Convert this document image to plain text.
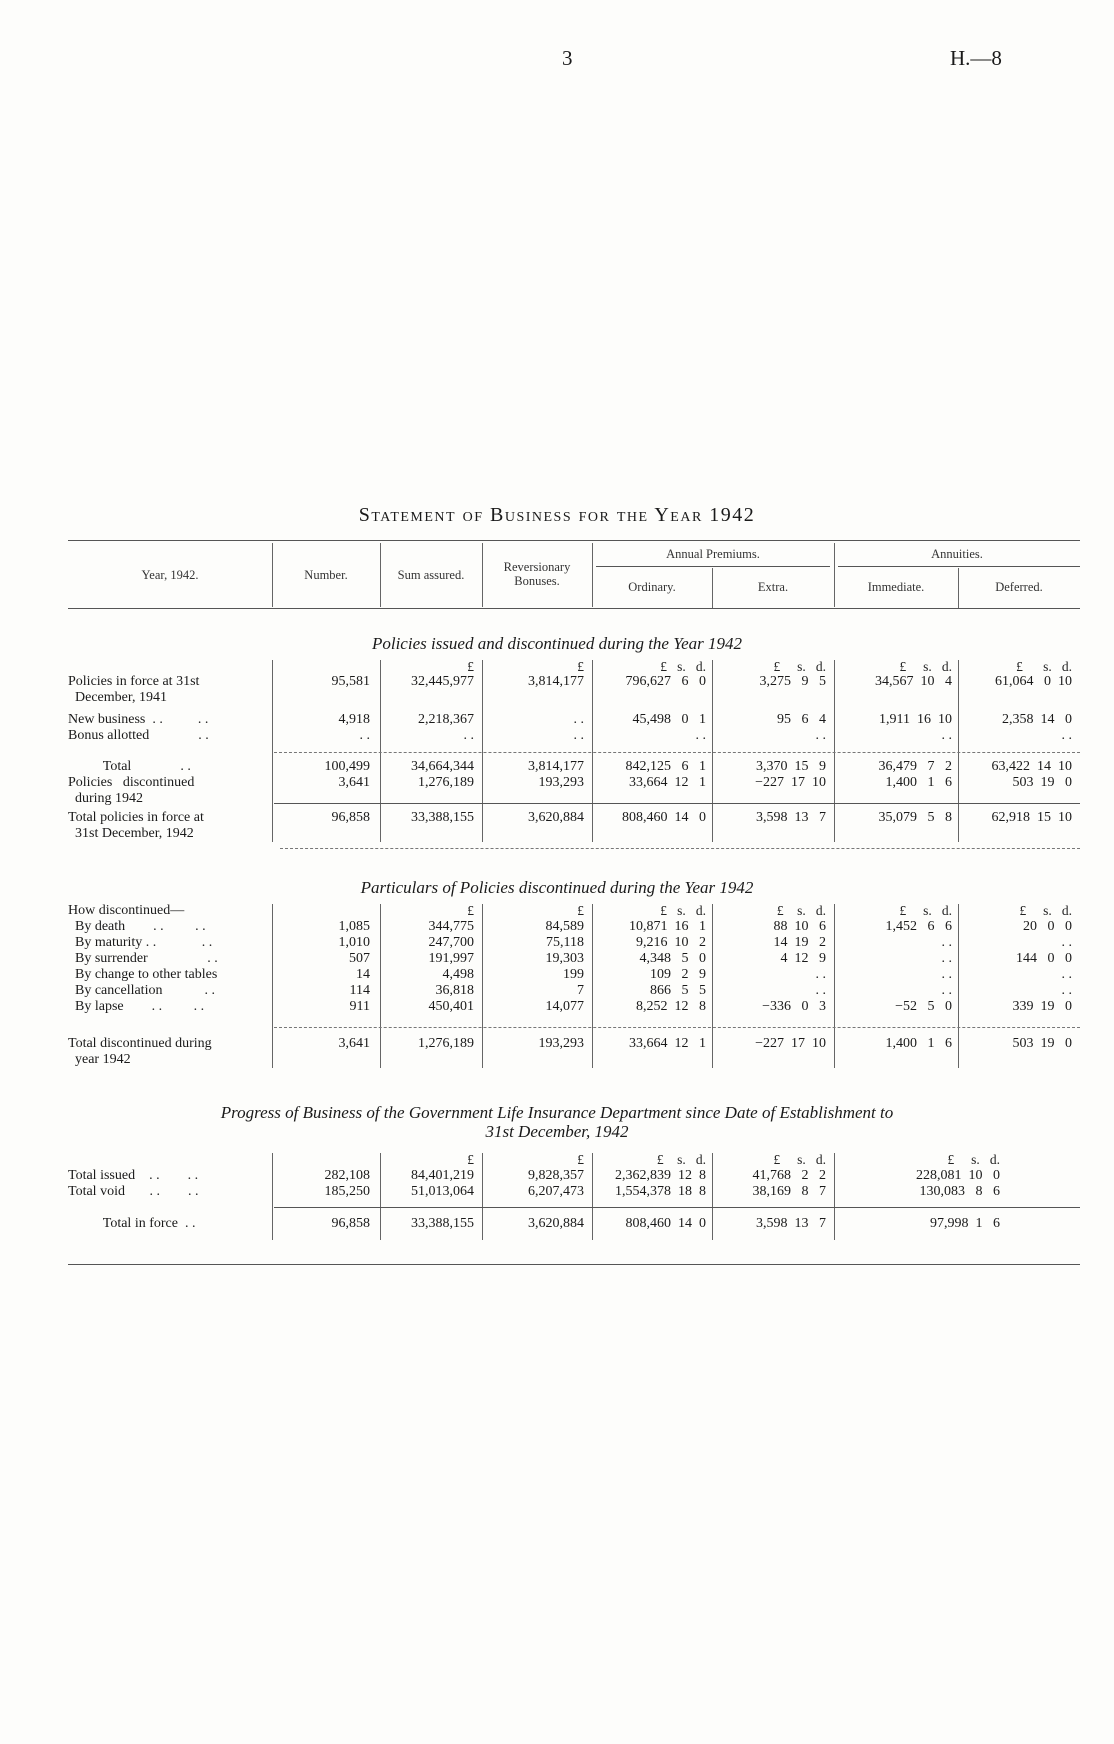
3	H.—8
Statement of Business for the Year 1942
Year, 1942.	Number.	Sum assured.
Reversionary
Bonuses.
Annual Premiums.
Ordinary.	Extra.
Annuities.
Immediate.	Deferred.
Policies issued and discontinued during the Year 1942
£	£	£   s.   d.	£     s.   d.	£     s.   d.	£      s.   d.
Policies in force at 31st
December, 1941
95,581	32,445,977	3,814,177	796,627   6   0	3,275   9   5	34,567  10   4	61,064   0  10
New business  . .          . .	4,918	2,218,367	. .	45,498   0   1	95   6   4	1,911  16  10	2,358  14   0
Bonus allotted              . .	. .	. .	. .	. .	. .	. .	. .
Total              . .	100,499	34,664,344	3,814,177	842,125   6   1	3,370  15   9	36,479   7   2	63,422  14  10
Policies   discontinued
during 1942
3,641	1,276,189	193,293	33,664  12   1	−227  17  10	1,400   1   6	503  19   0
Total policies in force at
31st December, 1942
96,858	33,388,155	3,620,884	808,460  14   0	3,598  13   7	35,079   5   8	62,918  15  10
Particulars of Policies discontinued during the Year 1942
£	£	£   s.   d.	£    s.   d.	£     s.   d.	£     s.   d.
How discontinued—
By death        . .         . .	1,085	344,775	84,589	10,871  16   1	88  10   6	1,452   6   6	20   0   0
By maturity . .             . .	1,010	247,700	75,118	9,216  10   2	14  19   2	. .	. .
By surrender                 . .	507	191,997	19,303	4,348   5   0	4  12   9	. .	144   0   0
By change to other tables	14	4,498	199	109   2   9	. .	. .	. .
By cancellation            . .	114	36,818	7	866   5   5	. .	. .	. .
By lapse        . .         . .	911	450,401	14,077	8,252  12   8	−336   0   3	−52   5   0	339  19   0
Total discontinued during
year 1942
3,641	1,276,189	193,293	33,664  12   1	−227  17  10	1,400   1   6	503  19   0
Progress of Business of the Government Life Insurance Department since Date of Establishment to
31st December, 1942
£	£	£    s.   d.	£     s.   d.	£     s.   d.
Total issued    . .        . .	282,108	84,401,219	9,828,357	2,362,839  12  8	41,768   2   2	228,081  10   0
Total void       . .        . .	185,250	51,013,064	6,207,473	1,554,378  18  8	38,169   8   7	130,083   8   6
Total in force  . .	96,858	33,388,155	3,620,884	808,460  14  0	3,598  13   7	97,998  1   6
